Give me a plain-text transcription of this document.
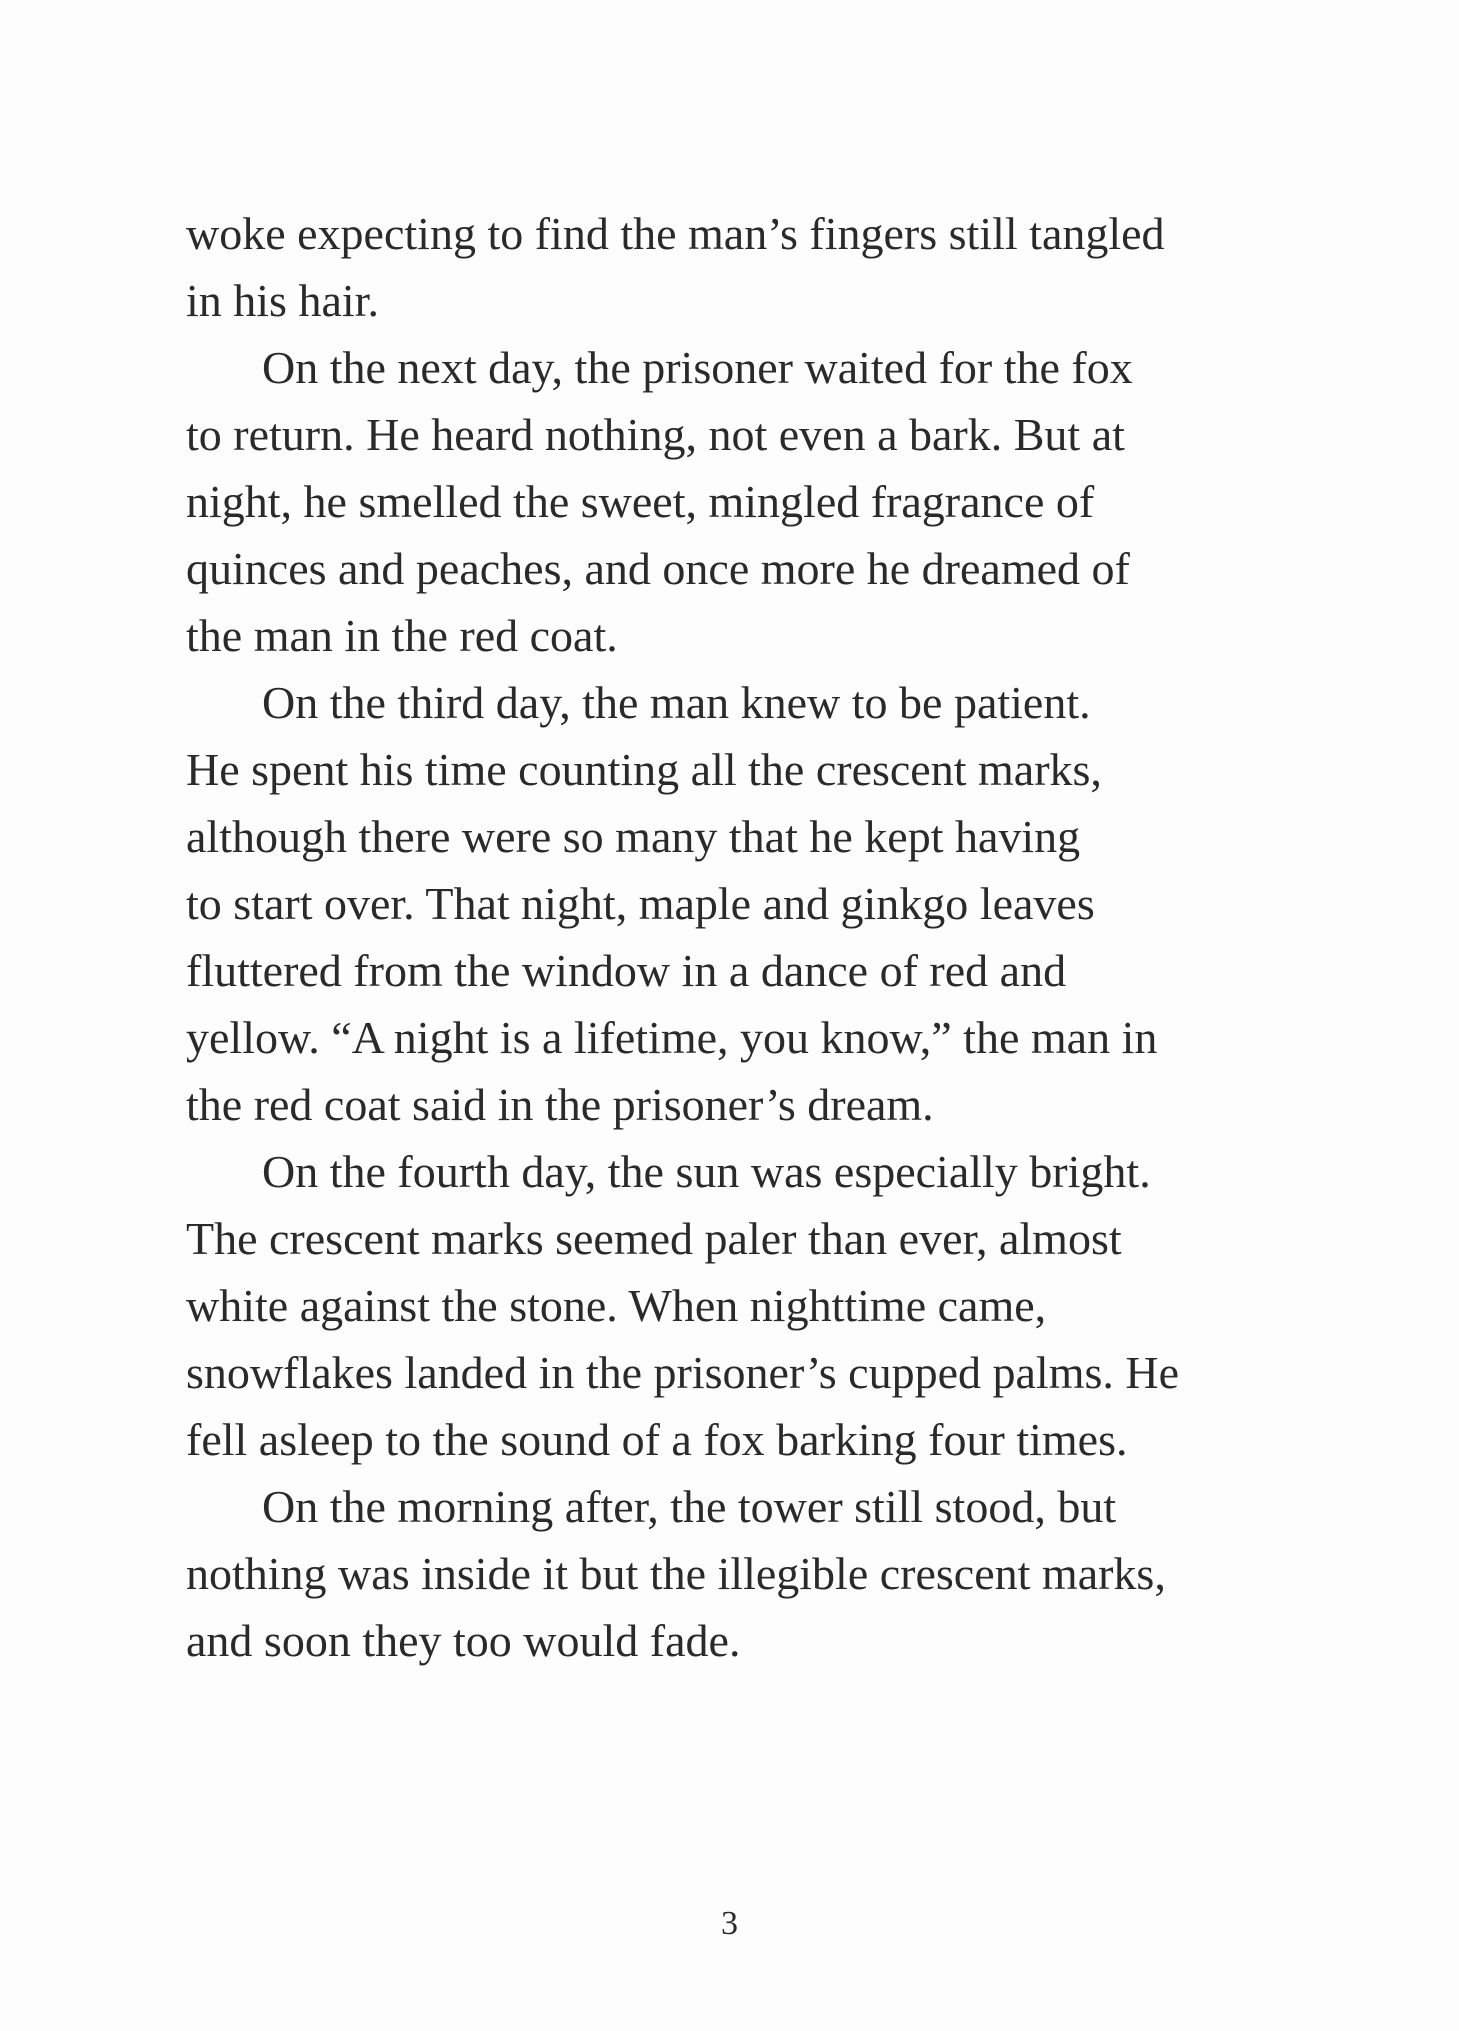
woke expecting to find the man’s fingers still tangled
in his hair.
On the next day, the prisoner waited for the fox
to return. He heard nothing, not even a bark. But at
night, he smelled the sweet, mingled fragrance of
quinces and peaches, and once more he dreamed of
the man in the red coat.
On the third day, the man knew to be patient.
He spent his time counting all the crescent marks,
although there were so many that he kept having
to start over. That night, maple and ginkgo leaves
fluttered from the window in a dance of red and
yellow. “A night is a lifetime, you know,” the man in
the red coat said in the prisoner’s dream.
On the fourth day, the sun was especially bright.
The crescent marks seemed paler than ever, almost
white against the stone. When nighttime came,
snowflakes landed in the prisoner’s cupped palms. He
fell asleep to the sound of a fox barking four times.
On the morning after, the tower still stood, but
nothing was inside it but the illegible crescent marks,
and soon they too would fade.
3
